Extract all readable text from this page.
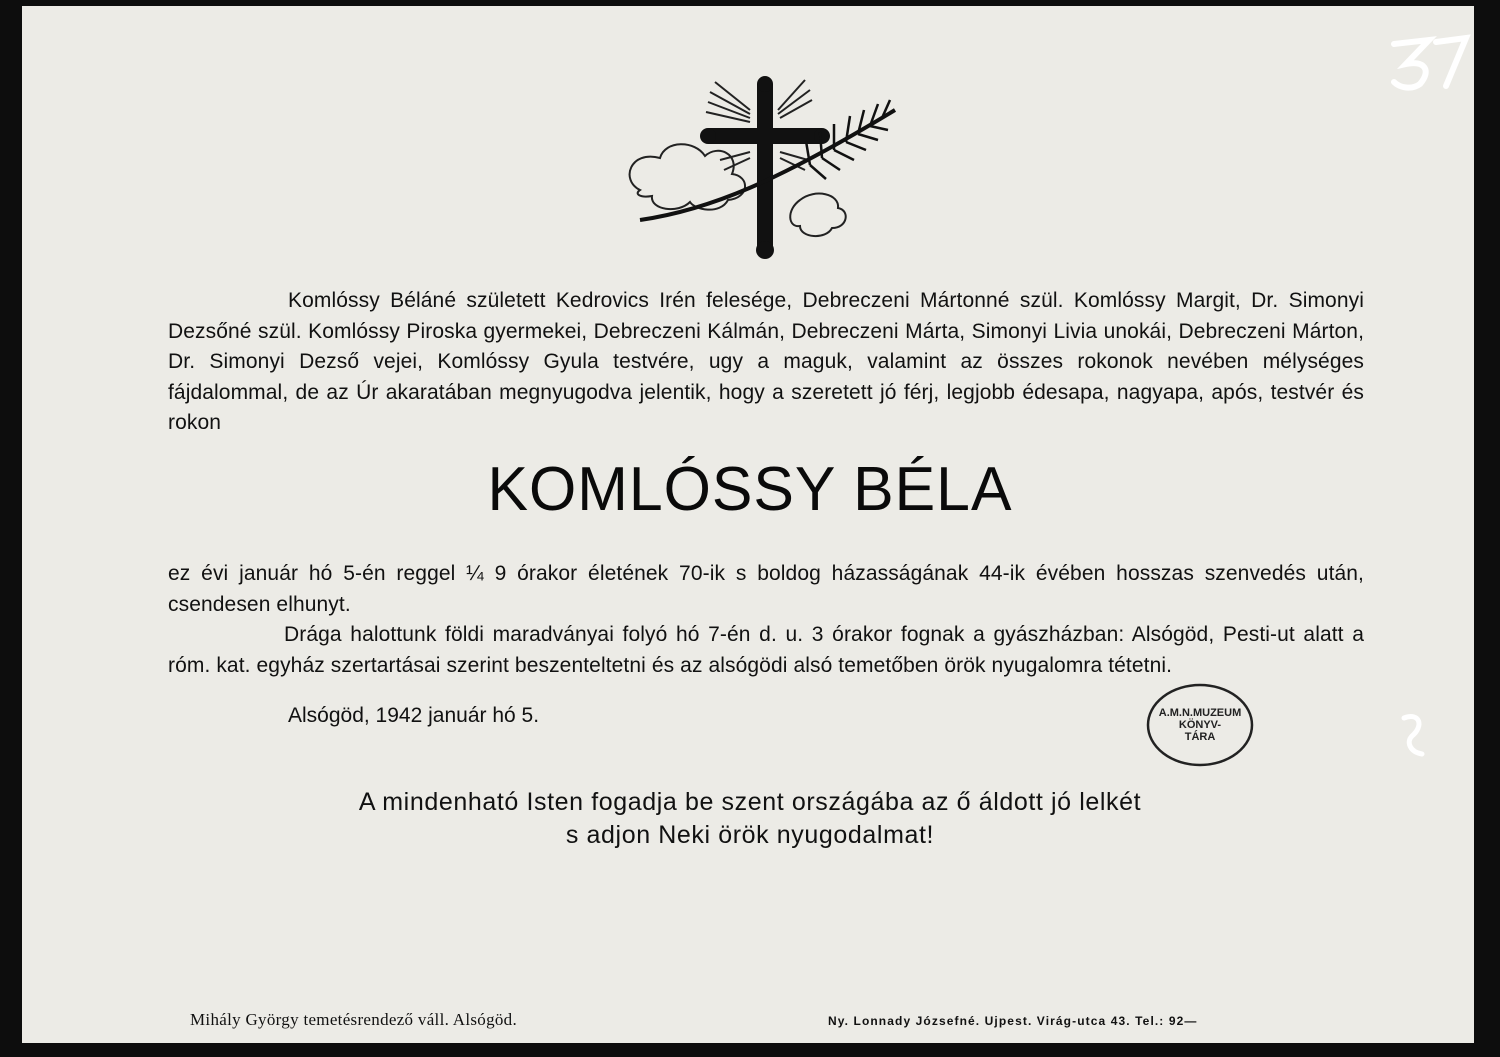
Komlóssy Béláné született Kedrovics Irén felesége, Debreczeni Mártonné szül. Komlóssy Margit, Dr. Simonyi Dezsőné szül. Komlóssy Piroska gyermekei, Debreczeni Kálmán, Debreczeni Márta, Simonyi Livia unokái, Debreczeni Márton, Dr. Simonyi Dezső vejei, Komlóssy Gyula testvére, ugy a maguk, valamint az összes rokonok nevében mélységes fájdalommal, de az Úr akaratában megnyugodva jelentik, hogy a szeretett jó férj, legjobb édesapa, nagyapa, após, testvér és rokon
KOMLÓSSY BÉLA

ez évi január hó 5-én reggel ¼ 9 órakor életének 70-ik s boldog házasságának 44-ik évében hosszas szenvedés után, csendesen elhunyt.

Drága halottunk földi maradványai folyó hó 7-én d. u. 3 órakor fognak a gyászházban: Alsógöd, Pesti-ut alatt a róm. kat. egyház szertartásai szerint beszenteltetni és az alsógödi alsó temetőben örök nyugalomra tétetni.

Alsógöd, 1942 január hó 5.
A mindenható Isten fogadja be szent országába az ő áldott jó lelkét
s adjon Neki örök nyugodalmat!
A.M.N.MUZEUM
KÖNYV-
TÁRA
Mihály György temetésrendező váll. Alsógöd.	Ny. Lonnady Józsefné. Ujpest. Virág-utca 43. Tel.: 92—
